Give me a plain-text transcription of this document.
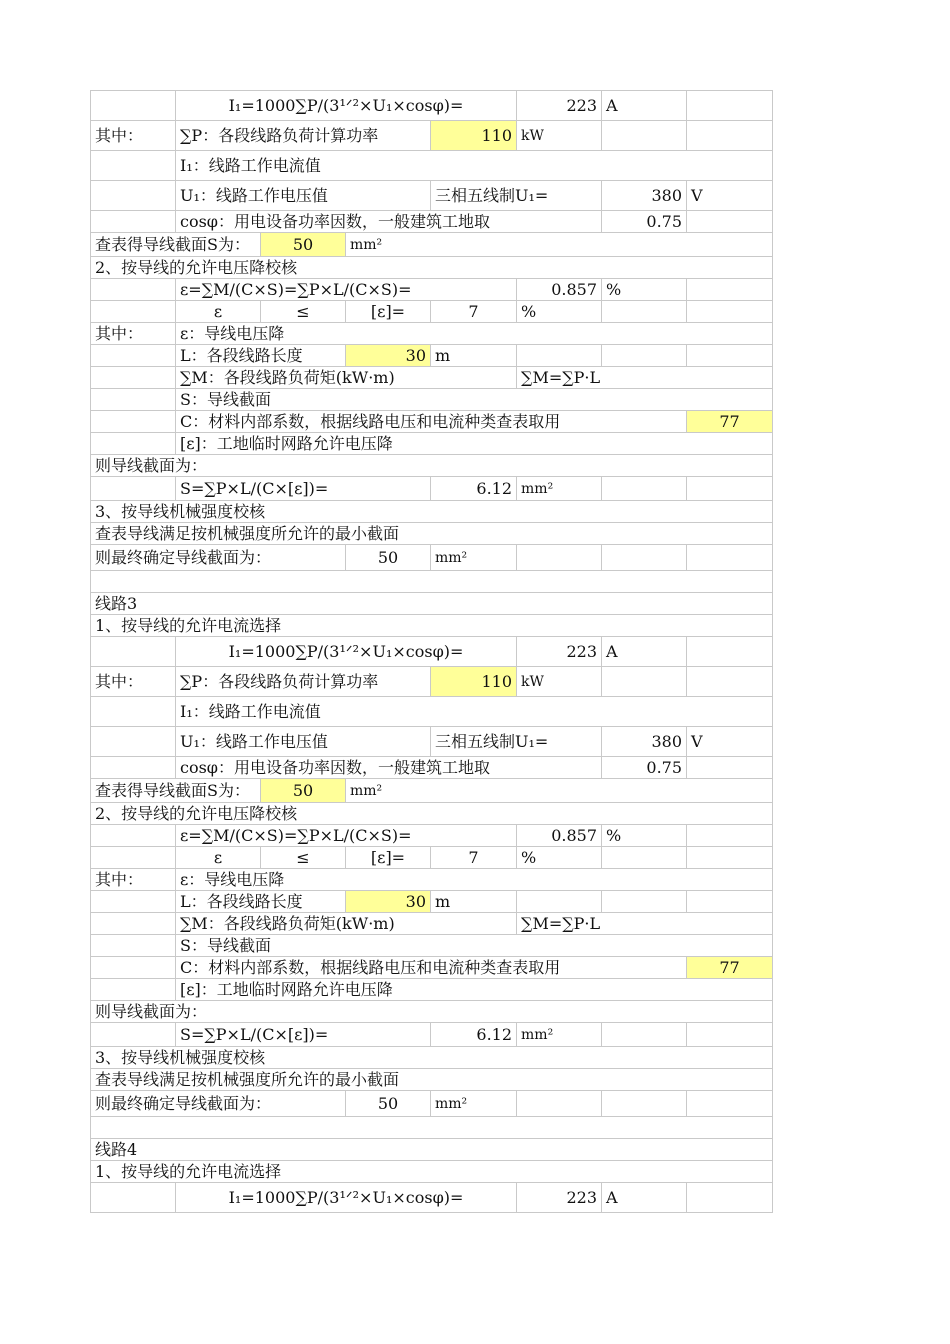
	I₁=1000∑P/(3¹ᐟ²×U₁×cosφ)=				223	A	
其中：	∑P：各段线路负荷计算功率			110	kW		
	I₁：线路工作电流值						
	U₁：线路工作电压值			三相五线制U₁=		380	V
	cosφ：用电设备功率因数，一般建筑工地取					0.75	
查表得导线截面S为：		50	mm²				
2、按导线的允许电压降校核							
	ε=∑M/(C×S)=∑P×L/(C×S)=				0.857	%	
	ε	≤	[ε]=	7	%		
其中：	ε：导线电压降						
	L：各段线路长度		30	m			
	∑M：各段线路负荷矩(kW·m)				∑M=∑P·L		
	S：导线截面						
	C：材料内部系数，根据线路电压和电流种类查表取用						77
	[ε]：工地临时网路允许电压降						
则导线截面为：							
	S=∑P×L/(C×[ε])=			6.12	mm²		
3、按导线机械强度校核							
查表导线满足按机械强度所允许的最小截面							
则最终确定导线截面为：			50	mm²			

线路3							
1、按导线的允许电流选择							
	I₁=1000∑P/(3¹ᐟ²×U₁×cosφ)=				223	A	
其中：	∑P：各段线路负荷计算功率			110	kW		
	I₁：线路工作电流值						
	U₁：线路工作电压值			三相五线制U₁=		380	V
	cosφ：用电设备功率因数，一般建筑工地取					0.75	
查表得导线截面S为：		50	mm²				
2、按导线的允许电压降校核							
	ε=∑M/(C×S)=∑P×L/(C×S)=				0.857	%	
	ε	≤	[ε]=	7	%		
其中：	ε：导线电压降						
	L：各段线路长度		30	m			
	∑M：各段线路负荷矩(kW·m)				∑M=∑P·L		
	S：导线截面						
	C：材料内部系数，根据线路电压和电流种类查表取用						77
	[ε]：工地临时网路允许电压降						
则导线截面为：							
	S=∑P×L/(C×[ε])=			6.12	mm²		
3、按导线机械强度校核							
查表导线满足按机械强度所允许的最小截面							
则最终确定导线截面为：			50	mm²			

线路4							
1、按导线的允许电流选择							
	I₁=1000∑P/(3¹ᐟ²×U₁×cosφ)=				223	A	
